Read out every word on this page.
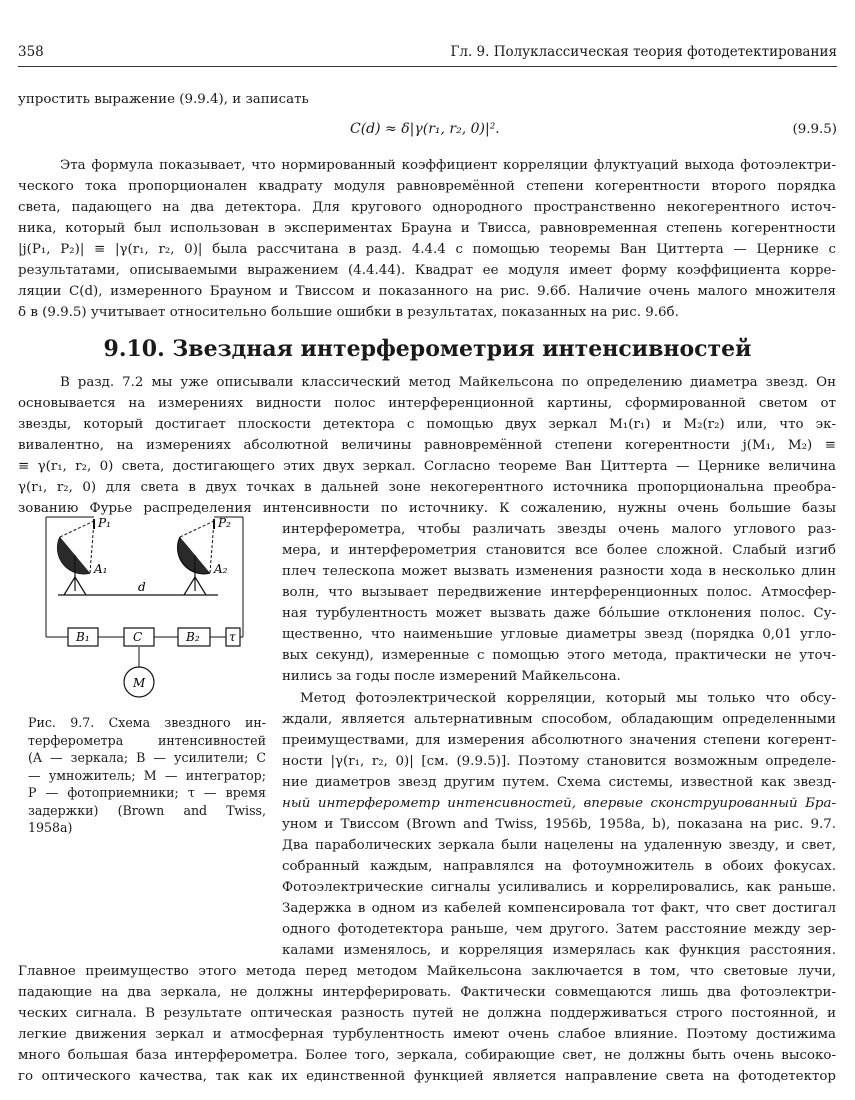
358	Гл. 9. Полуклассическая теория фотодетектирования
упростить выражение (9.9.4), и записать
C(d) ≈ δ|γ(r₁, r₂, 0)|².	(9.9.5)
Эта формула показывает, что нормированный коэффициент корреляции флуктуаций выхода фотоэлектри-
ческого тока пропорционален квадрату модуля равновремённой степени когерентности второго порядка
света, падающего на два детектора. Для кругового однородного пространственно некогерентного источ-
ника, который был использован в экспериментах Брауна и Твисса, равновременная степень когерентности
|j(P₁, P₂)| ≡ |γ(r₁, r₂, 0)| была рассчитана в разд. 4.4.4 с помощью теоремы Ван Циттерта — Цернике с
результатами, описываемыми выражением (4.4.44). Квадрат ее модуля имеет форму коэффициента корре-
ляции C(d), измеренного Брауном и Твиссом и показанного на рис. 9.6б. Наличие очень малого множителя
δ в (9.9.5) учитывает относительно большие ошибки в результатах, показанных на рис. 9.6б.
9.10. Звездная интерферометрия интенсивностей
В разд. 7.2 мы уже описывали классический метод Майкельсона по определению диаметра звезд. Он
основывается на измерениях видности полос интерференционной картины, сформированной светом от
звезды, который достигает плоскости детектора с помощью двух зеркал M₁(r₁) и M₂(r₂) или, что эк-
вивалентно, на измерениях абсолютной величины равновремённой степени когерентности j(M₁, M₂) ≡
≡ γ(r₁, r₂, 0) света, достигающего этих двух зеркал. Согласно теореме Ван Циттерта — Цернике величина
γ(r₁, r₂, 0) для света в двух точках в дальней зоне некогерентного источника пропорциональна преобра-
зованию Фурье распределения интенсивности по источнику. К сожалению, нужны очень большие базы
интерферометра, чтобы различать звезды очень малого углового раз-
мера, и интерферометрия становится все более сложной. Слабый изгиб
плеч телескопа может вызвать изменения разности хода в несколько длин
волн, что вызывает передвижение интерференционных полос. Атмосфер-
ная турбулентность может вызвать даже бо́льшие отклонения полос. Су-
щественно, что наименьшие угловые диаметры звезд (порядка 0,01 угло-
вых секунд), измеренные с помощью этого метода, практически не уточ-
нились за годы после измерений Майкельсона.
Метод фотоэлектрической корреляции, который мы только что обсу-
ждали, является альтернативным способом, обладающим определенными
преимуществами, для измерения абсолютного значения степени когерент-
ности |γ(r₁, r₂, 0)| [см. (9.9.5)]. Поэтому становится возможным определе-
ние диаметров звезд другим путем. Схема системы, известной как звезд-
ный интерферометр интенсивностей, впервые сконструированный Бра-
уном и Твиссом (Brown and Twiss, 1956b, 1958a, b), показана на рис. 9.7.
Два параболических зеркала были нацелены на удаленную звезду, и свет,
собранный каждым, направлялся на фотоумножитель в обоих фокусах.
Фотоэлектрические сигналы усиливались и коррелировались, как раньше.
Задержка в одном из кабелей компенсировала тот факт, что свет достигал
одного фотодетектора раньше, чем другого. Затем расстояние между зер-
калами изменялось, и корреляция измерялась как функция расстояния.
Главное преимущество этого метода перед методом Майкельсона заключается в том, что световые лучи,
падающие на два зеркала, не должны интерферировать. Фактически совмещаются лишь два фотоэлектри-
ческих сигнала. В результате оптическая разность путей не должна поддерживаться строго постоянной, и
легкие движения зеркал и атмосферная турбулентность имеют очень слабое влияние. Поэтому достижима
много большая база интерферометра. Более того, зеркала, собирающие свет, не должны быть очень высоко-
го оптического качества, так как их единственной функцией является направление света на фотодетектор
P₁	P₂
A₁	A₂
d
B₁	C	B₂ τ
M
Рис. 9.7. Схема звездного ин-
терферометра интенсивностей
(A — зеркала; B — усилители; C
— умножитель; M — интегратор;
P — фотоприемники; τ — время
задержки) (Brown and Twiss,
1958a)
